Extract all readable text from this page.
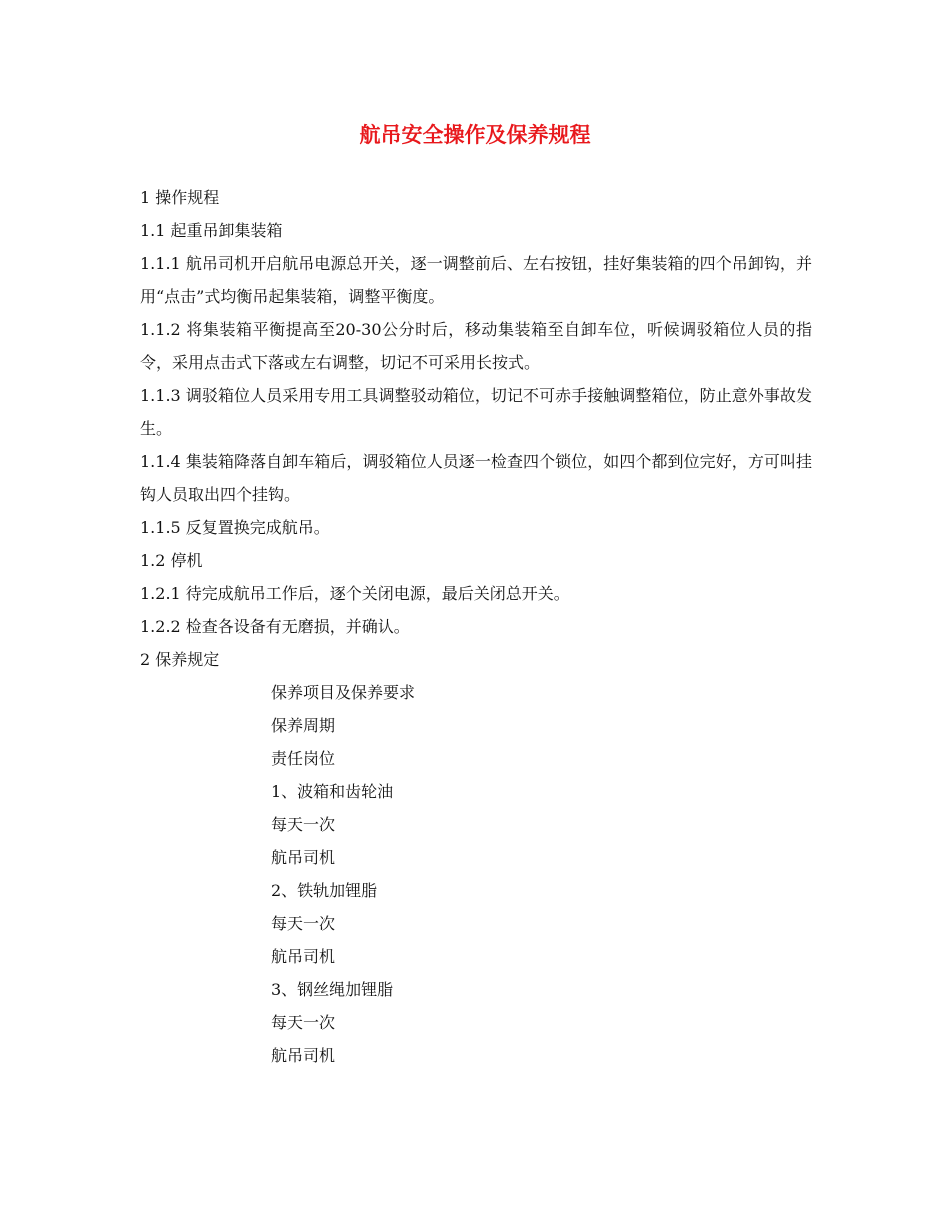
航吊安全操作及保养规程

1 操作规程

1.1 起重吊卸集装箱

1.1.1 航吊司机开启航吊电源总开关，逐一调整前后、左右按钮，挂好集装箱的四个吊卸钩，并用“点击”式均衡吊起集装箱，调整平衡度。

1.1.2 将集装箱平衡提高至20-30公分时后，移动集装箱至自卸车位，听候调驳箱位人员的指令，采用点击式下落或左右调整，切记不可采用长按式。

1.1.3 调驳箱位人员采用专用工具调整驳动箱位，切记不可赤手接触调整箱位，防止意外事故发生。

1.1.4 集装箱降落自卸车箱后，调驳箱位人员逐一检查四个锁位，如四个都到位完好，方可叫挂钩人员取出四个挂钩。

1.1.5 反复置换完成航吊。

1.2 停机

1.2.1 待完成航吊工作后，逐个关闭电源，最后关闭总开关。

1.2.2 检查各设备有无磨损，并确认。

2 保养规定

保养项目及保养要求
保养周期
责任岗位
1、波箱和齿轮油
每天一次
航吊司机
2、铁轨加锂脂
每天一次
航吊司机
3、钢丝绳加锂脂
每天一次
航吊司机
